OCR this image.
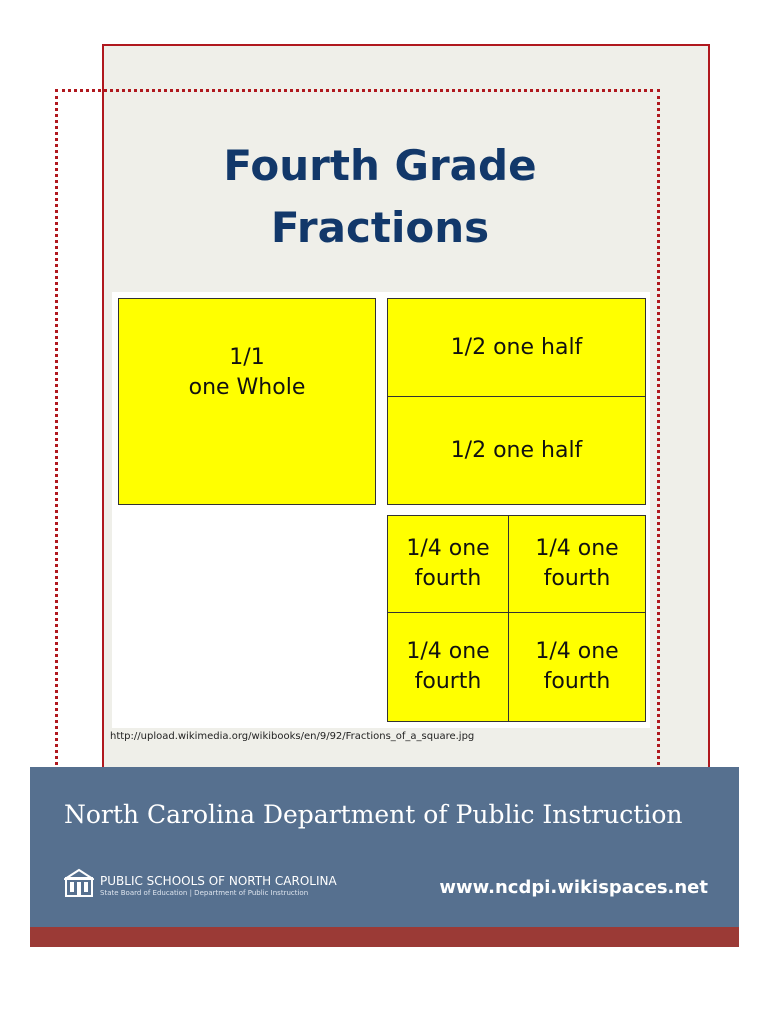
Fourth Grade
Fractions
1/1
one Whole
1/2 one half
1/2 one half
1/4 one
fourth
1/4 one
fourth
1/4 one
fourth
1/4 one
fourth
http://upload.wikimedia.org/wikibooks/en/9/92/Fractions_of_a_square.jpg
North Carolina Department of Public Instruction
PUBLIC SCHOOLS OF NORTH CAROLINA
State Board of Education | Department of Public Instruction	www.ncdpi.wikispaces.net
